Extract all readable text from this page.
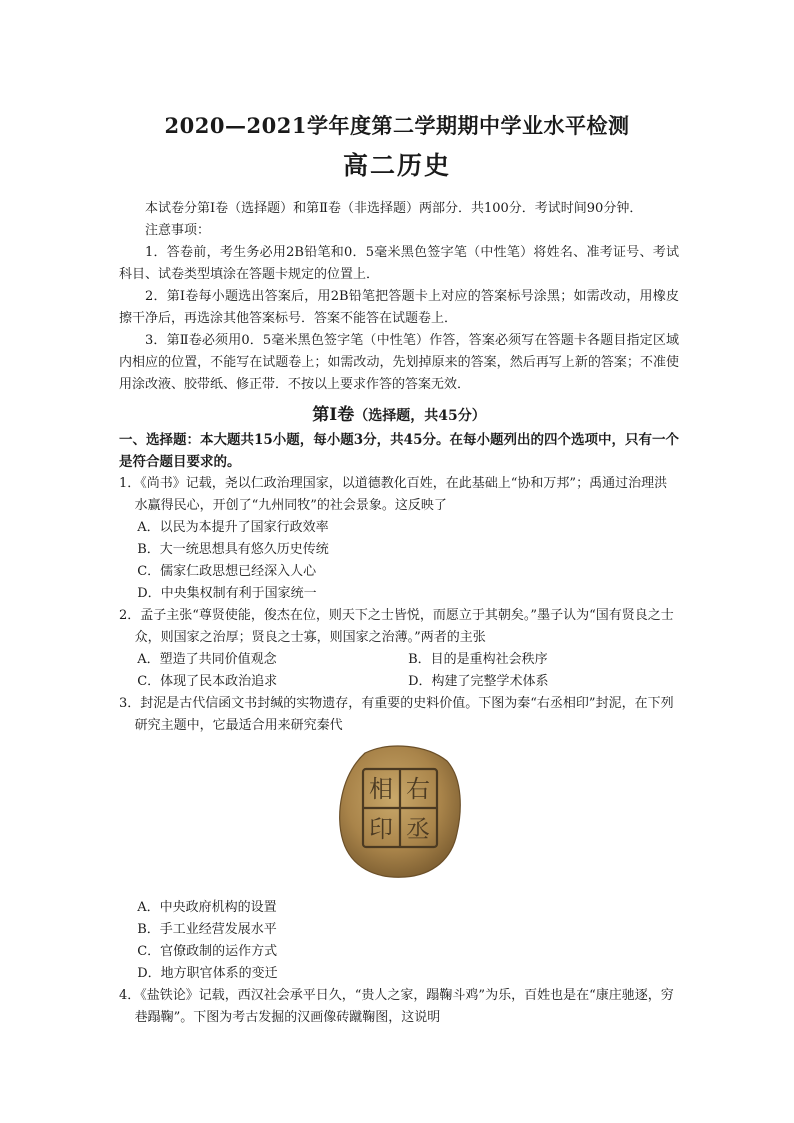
2020—2021学年度第二学期期中学业水平检测
高二历史

本试卷分第Ⅰ卷（选择题）和第Ⅱ卷（非选择题）两部分．共100分．考试时间90分钟．

注意事项：

1．答卷前，考生务必用2B铅笔和0．5毫米黑色签字笔（中性笔）将姓名、准考证号、考试科目、试卷类型填涂在答题卡规定的位置上．

2．第Ⅰ卷每小题选出答案后，用2B铅笔把答题卡上对应的答案标号涂黑；如需改动，用橡皮擦干净后，再选涂其他答案标号．答案不能答在试题卷上．

3．第Ⅱ卷必须用0．5毫米黑色签字笔（中性笔）作答，答案必须写在答题卡各题目指定区域内相应的位置，不能写在试题卷上；如需改动，先划掉原来的答案，然后再写上新的答案；不准使用涂改液、胶带纸、修正带．不按以上要求作答的答案无效．

第Ⅰ卷（选择题，共45分）

一、选择题：本大题共15小题，每小题3分，共45分。在每小题列出的四个选项中，只有一个是符合题目要求的。

1．《尚书》记载，尧以仁政治理国家，以道德教化百姓，在此基础上“协和万邦”；禹通过治理洪水赢得民心，开创了“九州同牧”的社会景象。这反映了

A．以民为本提升了国家行政效率

B．大一统思想具有悠久历史传统

C．儒家仁政思想已经深入人心

D．中央集权制有利于国家统一

2．孟子主张“尊贤使能，俊杰在位，则天下之士皆悦，而愿立于其朝矣。”墨子认为“国有贤良之士众，则国家之治厚；贤良之士寡，则国家之治薄。”两者的主张

A．塑造了共同价值观念	B．目的是重构社会秩序
C．体现了民本政治追求	D．构建了完整学术体系

3．封泥是古代信函文书封缄的实物遗存，有重要的史料价值。下图为秦“右丞相印”封泥，在下列研究主题中，它最适合用来研究秦代

右
丞
相
印

A．中央政府机构的设置

B．手工业经营发展水平

C．官僚政制的运作方式

D．地方职官体系的变迁

4．《盐铁论》记载，西汉社会承平日久，“贵人之家，蹋鞠斗鸡”为乐，百姓也是在“康庄驰逐，穷巷蹋鞠”。下图为考古发掘的汉画像砖蹴鞠图，这说明
